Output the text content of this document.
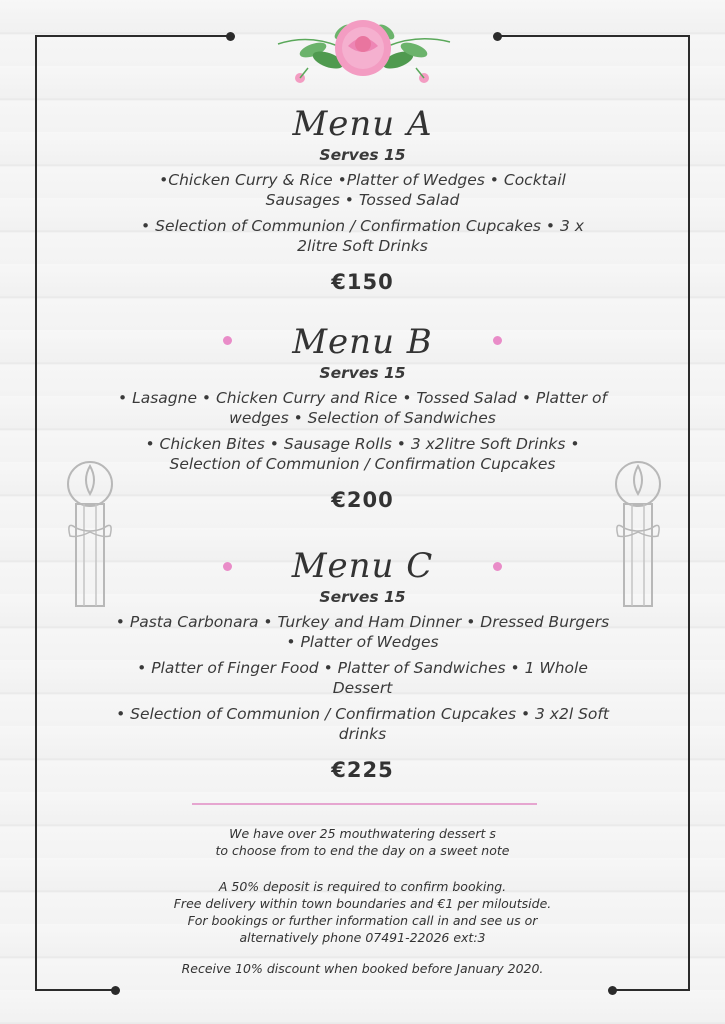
Menu A
Serves 15
•Chicken Curry & Rice •Platter of Wedges • Cocktail Sausages • Tossed Salad
• Selection of Communion / Confirmation Cupcakes • 3 x 2litre Soft Drinks
€150
Menu B
Serves 15
• Lasagne • Chicken Curry and Rice • Tossed Salad • Platter of wedges • Selection of Sandwiches
• Chicken Bites • Sausage Rolls • 3 x2litre Soft Drinks • Selection of Communion / Confirmation Cupcakes
€200
Menu C
Serves 15
• Pasta Carbonara • Turkey and Ham Dinner • Dressed Burgers • Platter of Wedges
• Platter of Finger Food • Platter of Sandwiches • 1 Whole Dessert
• Selection of Communion / Confirmation Cupcakes • 3 x2l Soft drinks
€225
We have over 25 mouthwatering dessert s
to choose from to end the day on a sweet note
A 50% deposit is required to confirm booking.
Free delivery within town boundaries and €1 per miloutside.
For bookings or further information call in and see us or
alternatively phone 07491-22026 ext:3
Receive 10% discount when booked before January 2020.
